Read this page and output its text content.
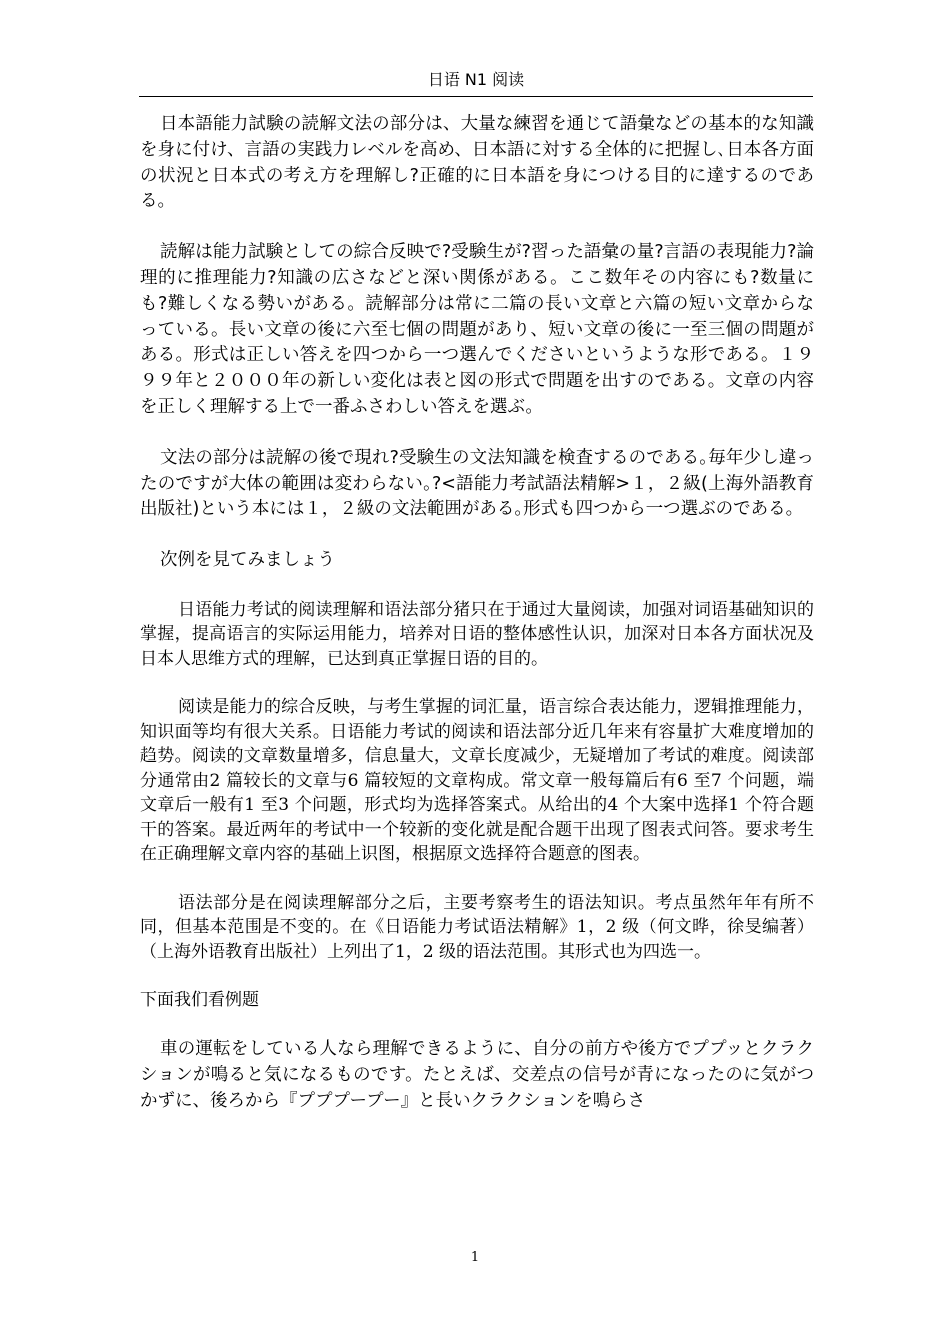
日语 N1 阅读

日本語能力試験の読解文法の部分は、大量な練習を通じて語彙などの基本的な知識を身に付け、言語の実践力レベルを高め、日本語に対する全体的に把握し､日本各方面の状況と日本式の考え方を理解し?正確的に日本語を身につける目的に達するのである。

読解は能力試験としての綜合反映で?受験生が?習った語彙の量?言語の表現能力?論理的に推理能力?知識の広さなどと深い関係がある。ここ数年その内容にも?数量にも?難しくなる勢いがある。読解部分は常に二篇の長い文章と六篇の短い文章からなっている。長い文章の後に六至七個の問題があり、短い文章の後に一至三個の問題がある。形式は正しい答えを四つから一つ選んでくださいというような形である。１９９９年と２０００年の新しい変化は表と図の形式で問題を出すのである。文章の内容を正しく理解する上で一番ふさわしい答えを選ぶ。

文法の部分は読解の後で現れ?受験生の文法知識を検査するのである｡毎年少し違ったのですが大体の範囲は変わらない｡?<語能力考試語法精解>１，２級(上海外語教育出版社)という本には１，２級の文法範囲がある｡形式も四つから一つ選ぶのである。

次例を見てみましょう

日语能力考试的阅读理解和语法部分猪只在于通过大量阅读，加强对词语基础知识的掌握，提高语言的实际运用能力，培养对日语的整体感性认识，加深对日本各方面状况及日本人思维方式的理解，已达到真正掌握日语的目的。

阅读是能力的综合反映，与考生掌握的词汇量，语言综合表达能力，逻辑推理能力，知识面等均有很大关系。日语能力考试的阅读和语法部分近几年来有容量扩大难度增加的趋势。阅读的文章数量增多，信息量大，文章长度减少，无疑增加了考试的难度。阅读部分通常由2 篇较长的文章与6 篇较短的文章构成。常文章一般每篇后有6 至7 个问题，端文章后一般有1 至3 个问题，形式均为选择答案式。从给出的4 个大案中选择1 个符合题干的答案。最近两年的考试中一个较新的变化就是配合题干出现了图表式问答。要求考生在正确理解文章内容的基础上识图，根据原文选择符合题意的图表。

语法部分是在阅读理解部分之后，主要考察考生的语法知识。考点虽然年年有所不同，但基本范围是不变的。在《日语能力考试语法精解》1，2 级（何文晔，徐旻编著）（上海外语教育出版社）上列出了1，2 级的语法范围。其形式也为四选一。

下面我们看例题

車の運転をしている人なら理解できるように、自分の前方や後方でププッとクラクションが鳴ると気になるものです。たとえば、交差点の信号が青になったのに気がつかずに、後ろから『プププープー』と長いクラクションを鳴らさ

1
